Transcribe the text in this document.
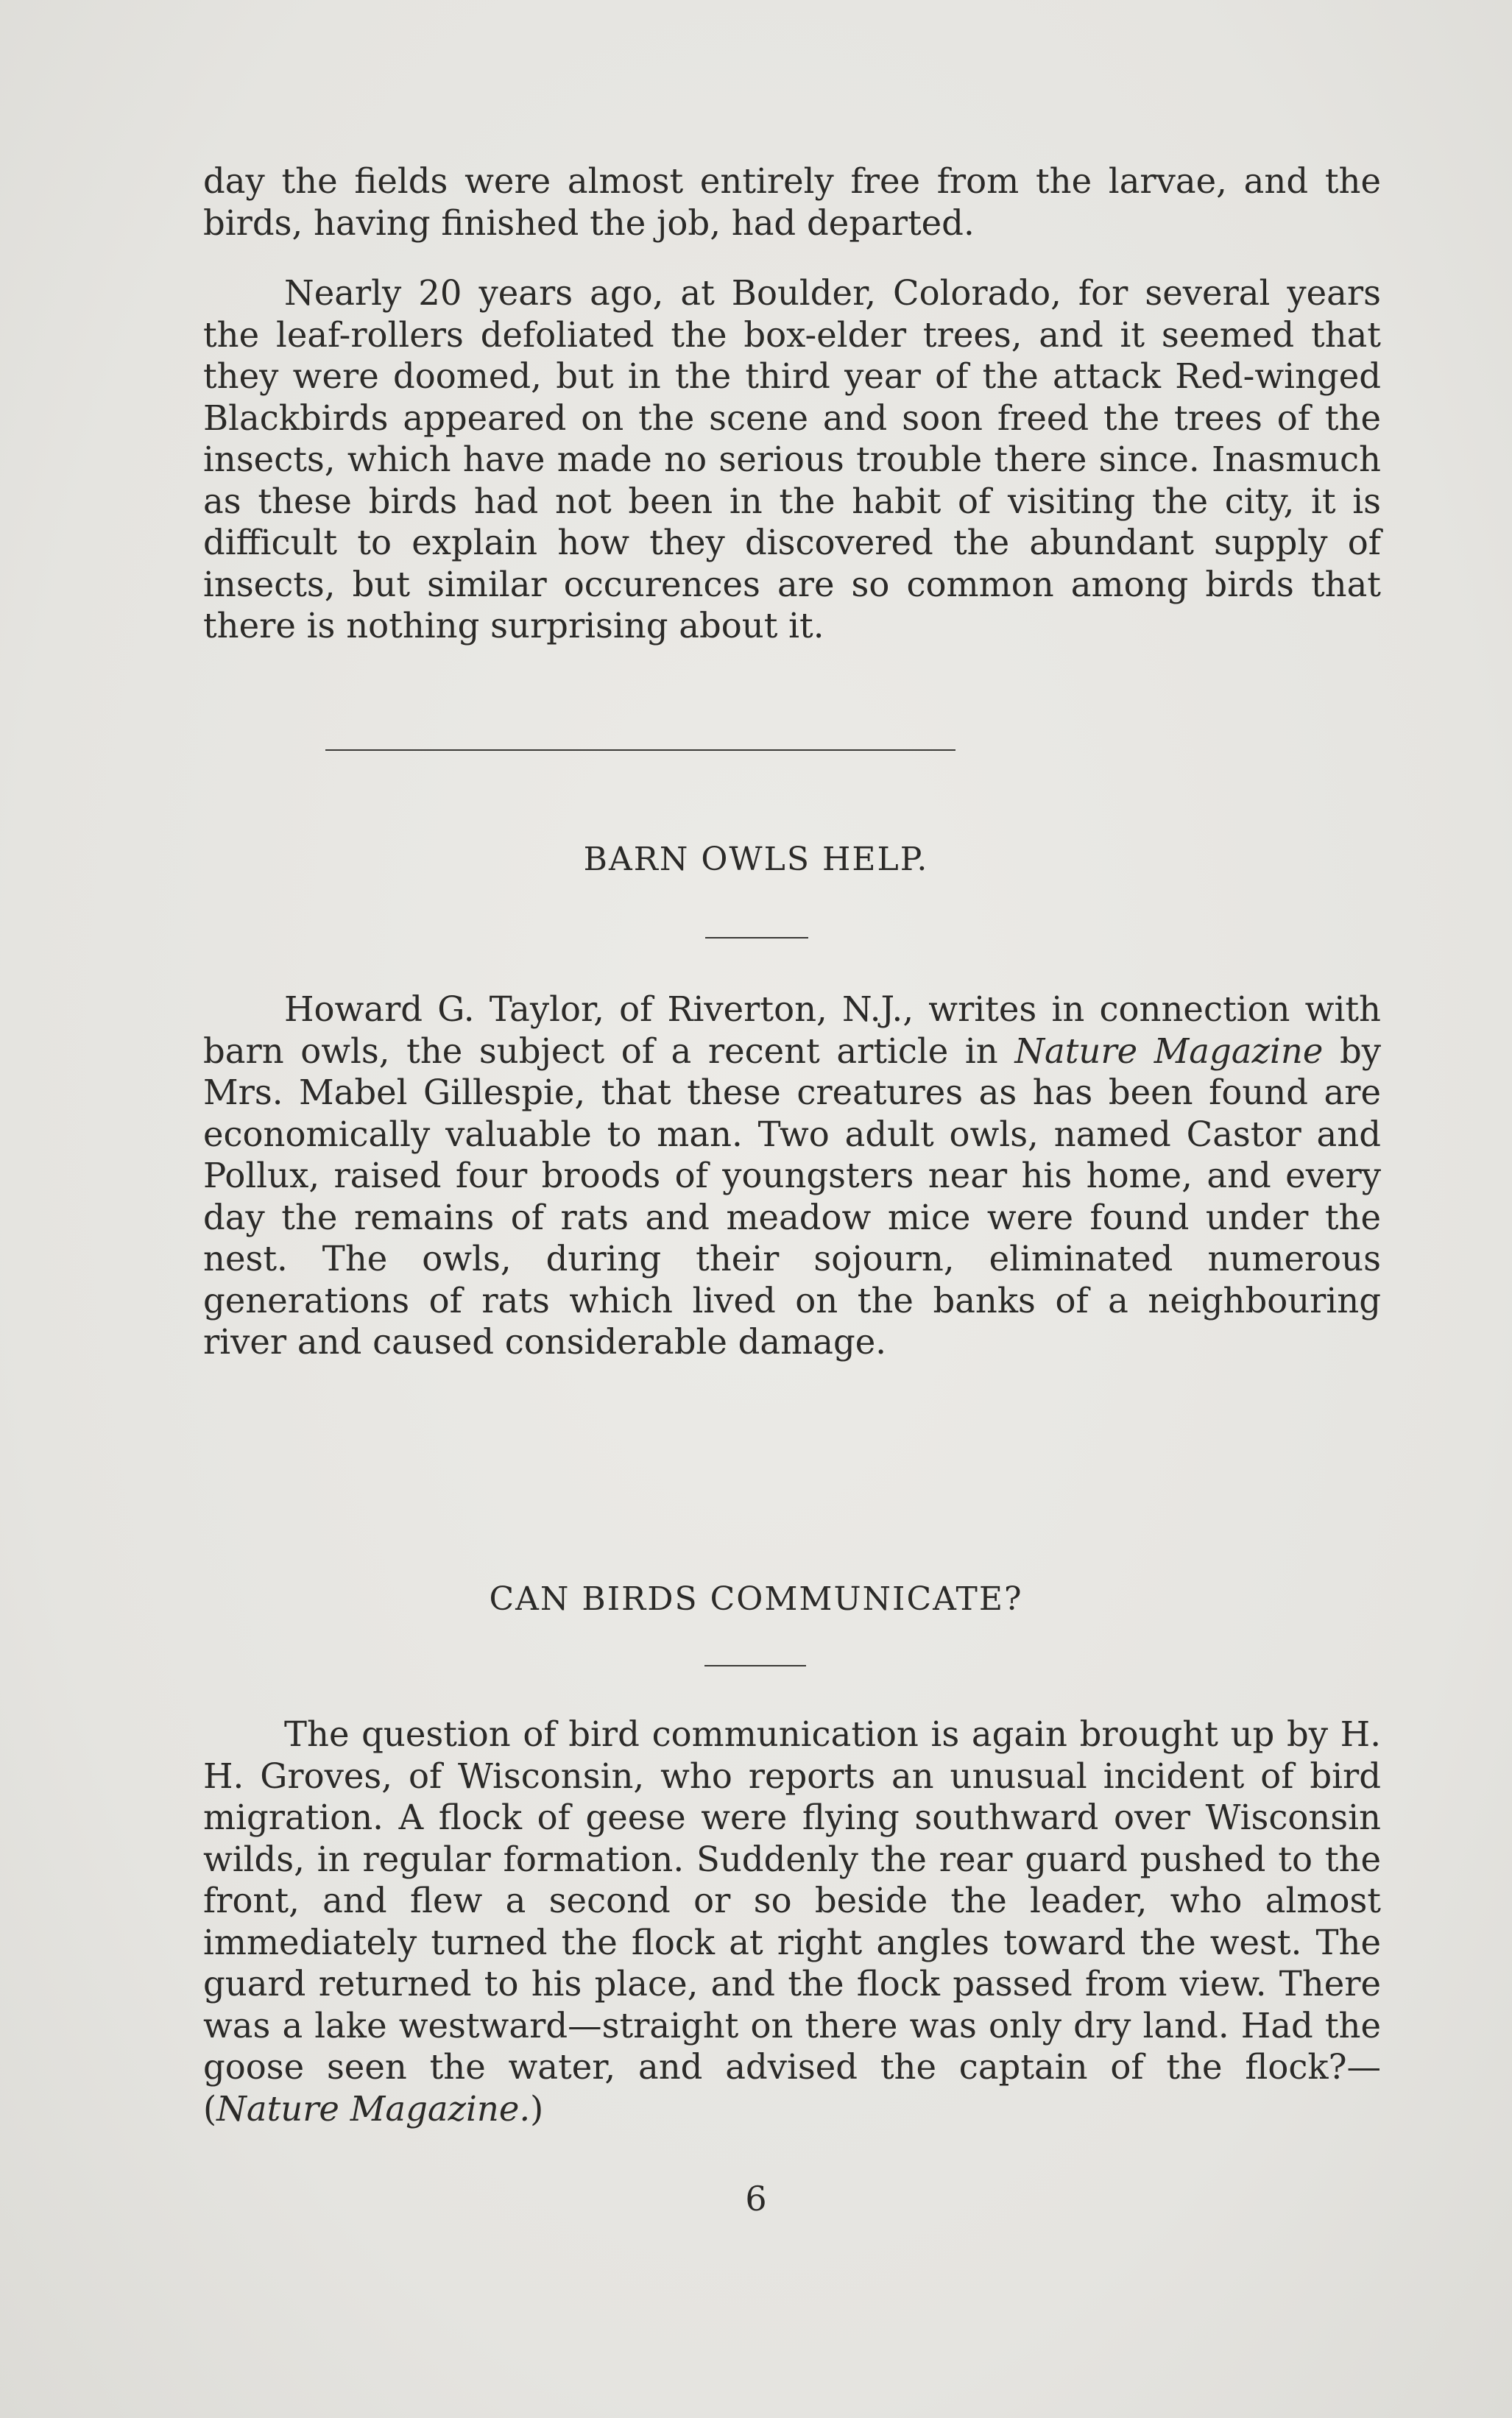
day the fields were almost entirely free from the larvae, and the birds, having finished the job, had departed.

Nearly 20 years ago, at Boulder, Colorado, for several years the leaf-rollers defoliated the box-elder trees, and it seemed that they were doomed, but in the third year of the attack Red-winged Blackbirds appeared on the scene and soon freed the trees of the insects, which have made no serious trouble there since. Inasmuch as these birds had not been in the habit of visiting the city, it is difficult to explain how they discovered the abundant supply of insects, but similar occurences are so common among birds that there is nothing surprising about it.

BARN OWLS HELP.

Howard G. Taylor, of Riverton, N.J., writes in connection with barn owls, the subject of a recent article in Nature Magazine by Mrs. Mabel Gillespie, that these creatures as has been found are economically valuable to man. Two adult owls, named Castor and Pollux, raised four broods of youngsters near his home, and every day the remains of rats and meadow mice were found under the nest. The owls, during their sojourn, eliminated numerous generations of rats which lived on the banks of a neighbouring river and caused considerable damage.

CAN BIRDS COMMUNICATE?

The question of bird communication is again brought up by H. H. Groves, of Wisconsin, who reports an unusual incident of bird migration. A flock of geese were flying southward over Wisconsin wilds, in regular formation. Suddenly the rear guard pushed to the front, and flew a second or so beside the leader, who almost immediately turned the flock at right angles toward the west. The guard returned to his place, and the flock passed from view. There was a lake westward—straight on there was only dry land. Had the goose seen the water, and advised the captain of the flock?—(Nature Magazine.)

6
